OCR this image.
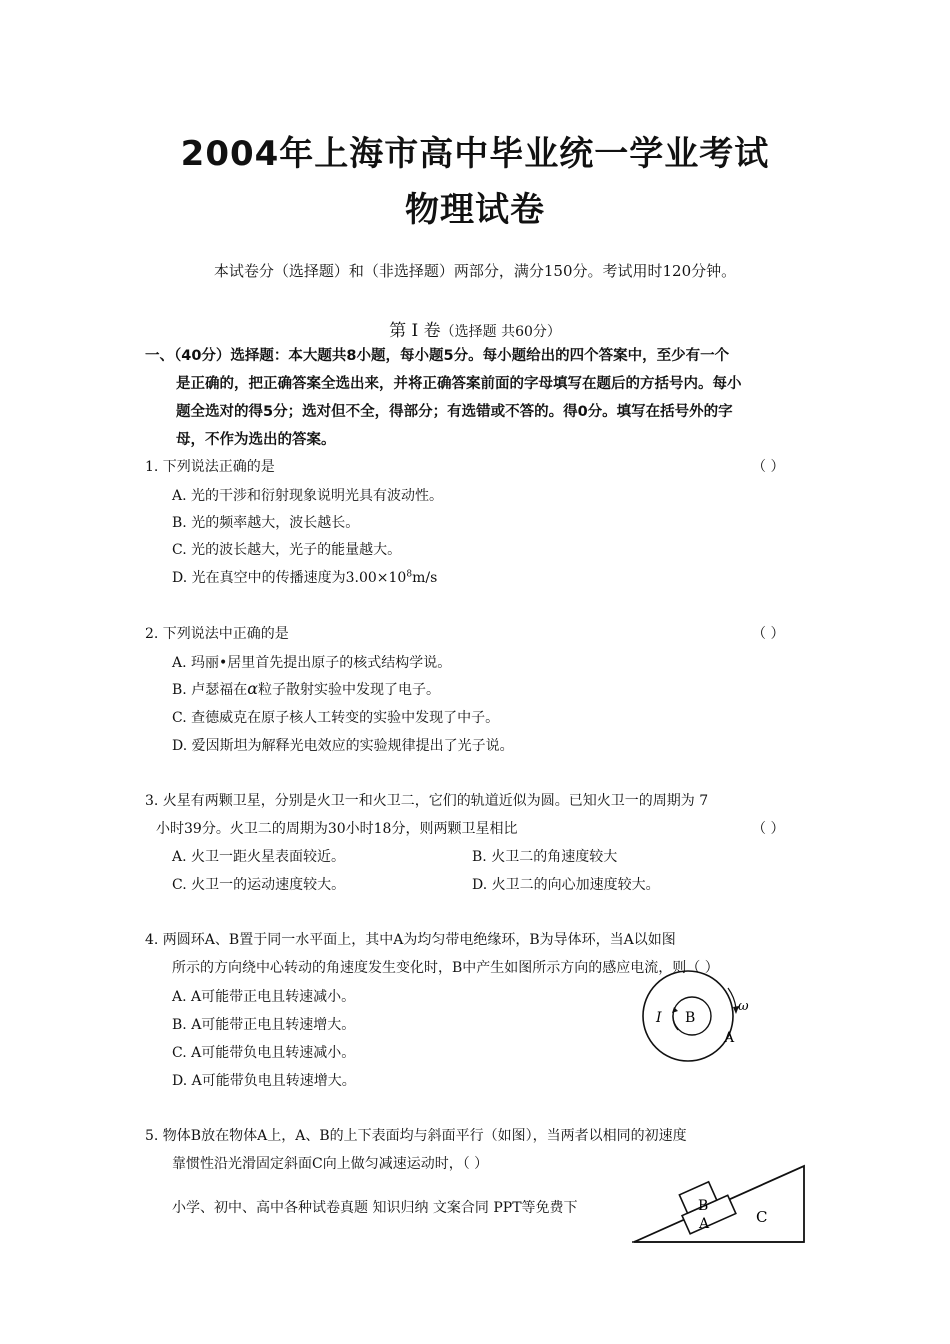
2004年上海市高中毕业统一学业考试
物理试卷
本试卷分（选择题）和（非选择题）两部分，满分150分。考试用时120分钟。
第 Ⅰ 卷（选择题 共60分）
一、（40分）选择题：本大题共8小题，每小题5分。每小题给出的四个答案中，至少有一个
是正确的，把正确答案全选出来，并将正确答案前面的字母填写在题后的方括号内。每小
题全选对的得5分；选对但不全，得部分；有选错或不答的。得0分。填写在括号外的字
母，不作为选出的答案。
1. 下列说法正确的是	（ ）
A. 光的干涉和衍射现象说明光具有波动性。
B. 光的频率越大，波长越长。
C. 光的波长越大，光子的能量越大。
D. 光在真空中的传播速度为$3.00\times 10^8m/s$
2. 下列说法中正确的是	（ ）
A. 玛丽•居里首先提出原子的核式结构学说。
B. 卢瑟福在α粒子散射实验中发现了电子。
C. 查德威克在原子核人工转变的实验中发现了中子。
D. 爱因斯坦为解释光电效应的实验规律提出了光子说。
3. 火星有两颗卫星，分别是火卫一和火卫二，它们的轨道近似为圆。已知火卫一的周期为 7
小时39分。火卫二的周期为30小时18分，则两颗卫星相比	（ ）
A. 火卫一距火星表面较近。	B. 火卫二的角速度较大
C. 火卫一的运动速度较大。	D. 火卫二的向心加速度较大。
4. 两圆环A、B置于同一水平面上，其中A为均匀带电绝缘环，B为导体环，当A以如图
所示的方向绕中心转动的角速度发生变化时，B中产生如图所示方向的感应电流，则（ ）
A. A可能带正电且转速减小。
B. A可能带正电且转速增大。
C. A可能带负电且转速减小。
D. A可能带负电且转速增大。
I B
ω
A
5. 物体B放在物体A上，A、B的上下表面均与斜面平行（如图），当两者以相同的初速度
靠惯性沿光滑固定斜面C向上做匀减速运动时，（ ）
小学、初中、高中各种试卷真题 知识归纳 文案合同 PPT等免费下	B
A	C
